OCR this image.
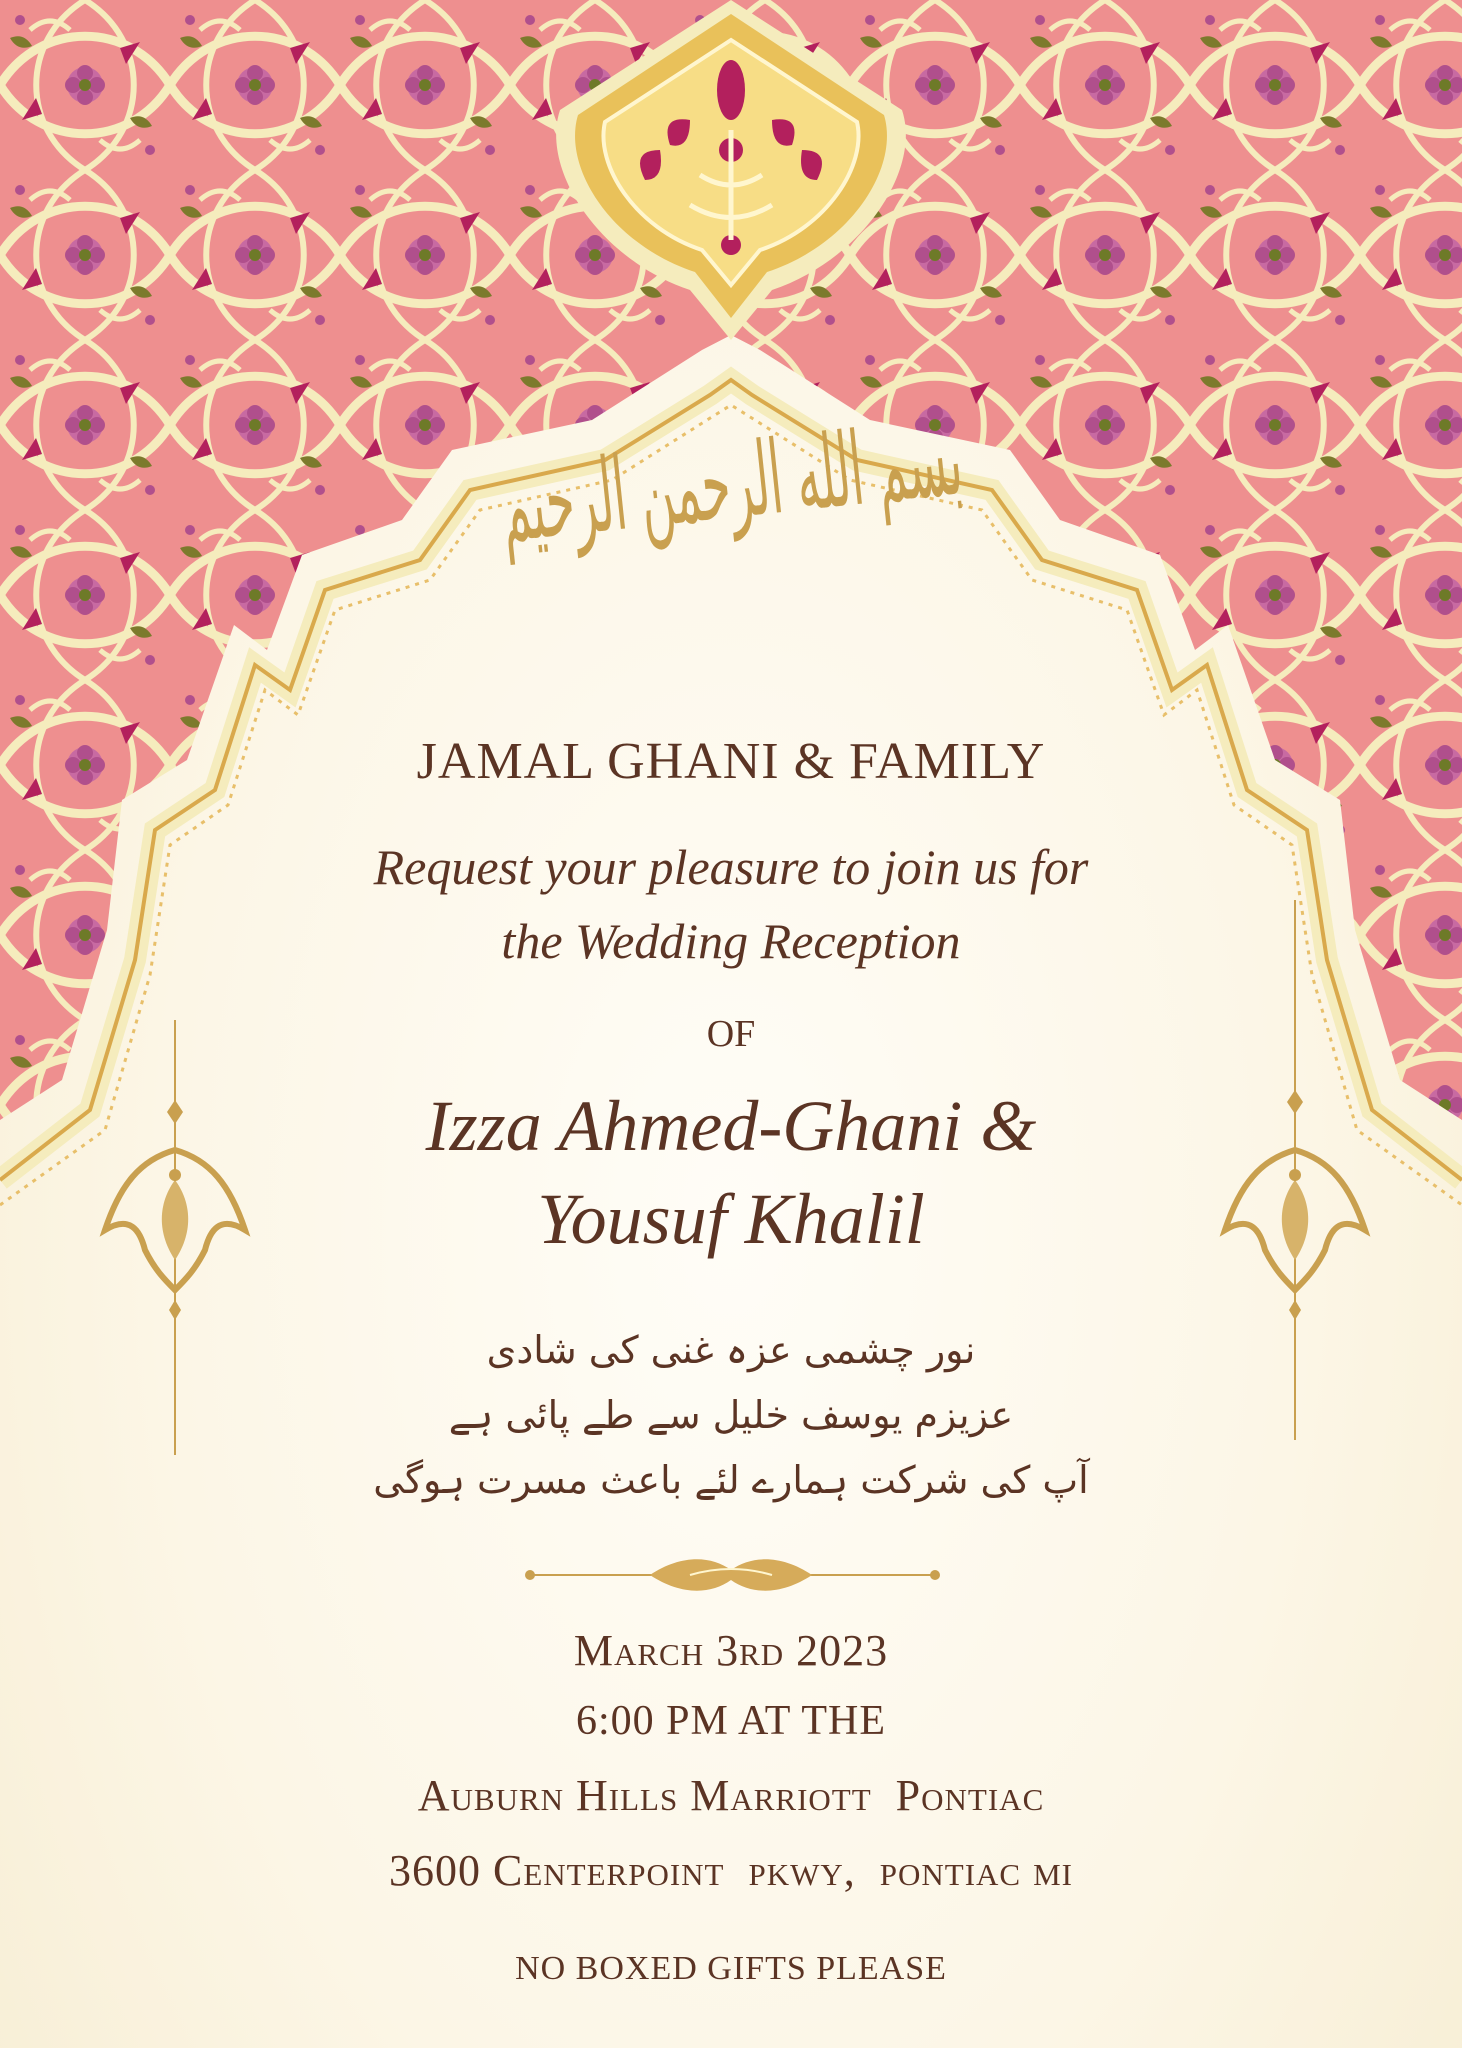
بسم الله الرحمن الرحيم
JAMAL GHANI & FAMILY
Request your pleasure to join us for
the Wedding Reception
OF
Izza Ahmed-Ghani &
Yousuf Khalil
نور چشمی عزہ غنی کی شادی
عزیزم یوسف خلیل سے طے پائی ہے
آپ کی شرکت ہمارے لئے باعث مسرت ہوگی
March 3rd 2023
6:00 PM AT THE
Auburn Hills Marriott  Pontiac
3600 Centerpoint  pkwy,  pontiac mi
NO BOXED GIFTS PLEASE
